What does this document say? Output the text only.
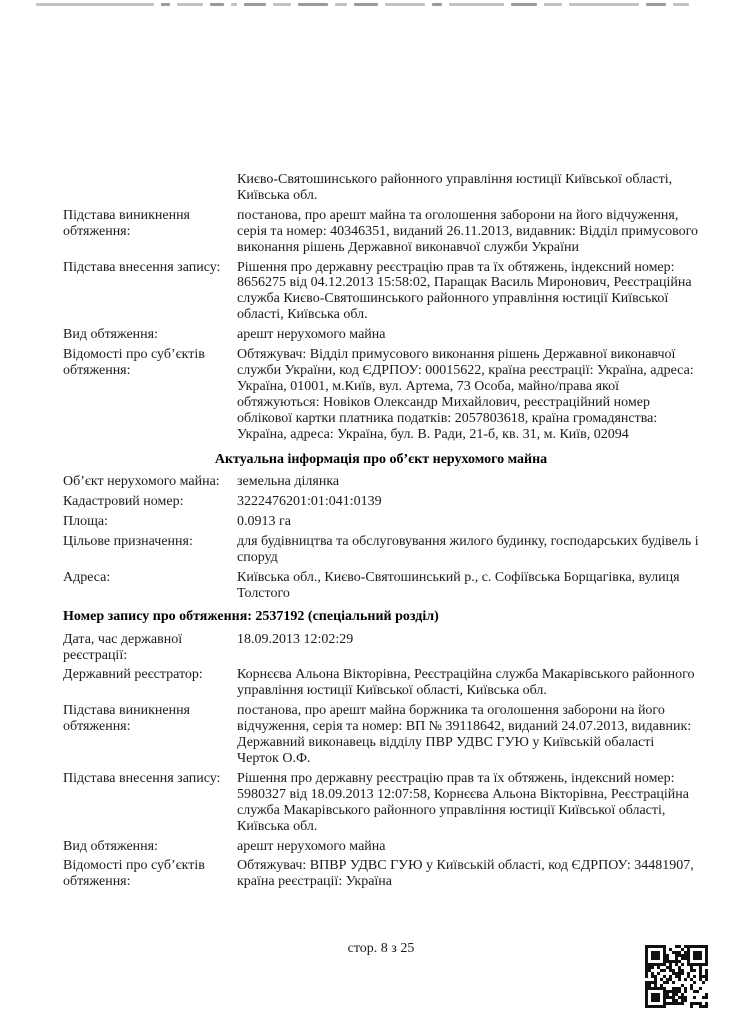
Києво-Святошинського районного управління юстиції Київської області, Київська обл.
Підстава виникнення обтяження:
постанова, про арешт майна та оголошення заборони на його відчуження, серія та номер: 40346351, виданий 26.11.2013, видавник: Відділ примусового виконання рішень Державної виконавчої служби України
Підстава внесення запису:	Рішення про державну реєстрацію прав та їх обтяжень, індексний номер: 8656275 від 04.12.2013 15:58:02, Паращак Василь Миронович, Реєстраційна служба Києво-Святошинського районного управління юстиції Київської області, Київська обл.
Вид обтяження:	арешт нерухомого майна
Відомості про суб’єктів обтяження:
Обтяжувач: Відділ примусового виконання рішень Державної виконавчої служби України, код ЄДРПОУ: 00015622, країна реєстрації: Україна, адреса: Україна, 01001, м.Київ, вул. Артема, 73 Особа, майно/права якої обтяжуються: Новіков Олександр Михайлович, реєстраційний номер облікової картки платника податків: 2057803618, країна громадянства: Україна, адреса: Україна, бул. В. Ради, 21-б, кв. 31, м. Київ, 02094
Актуальна інформація про об’єкт нерухомого майна
Об’єкт нерухомого майна:	земельна ділянка
Кадастровий номер:	3222476201:01:041:0139
Площа:	0.0913 га
Цільове призначення:	для будівництва та обслуговування жилого будинку, господарських будівель і споруд
Адреса:	Київська обл., Києво-Святошинський р., с. Софіївська Борщагівка, вулиця Толстого
Номер запису про обтяження: 2537192 (спеціальний розділ)
Дата, час державної реєстрації:
18.09.2013 12:02:29
Державний реєстратор:	Корнєєва Альона Вікторівна, Реєстраційна служба Макарівського районного управління юстиції Київської області, Київська обл.
Підстава виникнення обтяження:
постанова, про арешт майна боржника та оголошення заборони на його відчуження, серія та номер: ВП № 39118642, виданий 24.07.2013, видавник: Державний виконавець відділу ПВР УДВС ГУЮ у Київській обаласті Черток О.Ф.
Підстава внесення запису:	Рішення про державну реєстрацію прав та їх обтяжень, індексний номер: 5980327 від 18.09.2013 12:07:58, Корнєєва Альона Вікторівна, Реєстраційна служба Макарівського районного управління юстиції Київської області, Київська обл.
Вид обтяження:	арешт нерухомого майна
Відомості про суб’єктів обтяження:
Обтяжувач: ВПВР УДВС ГУЮ у Київській області, код ЄДРПОУ: 34481907, країна реєстрації: Україна
стор. 8 з 25
